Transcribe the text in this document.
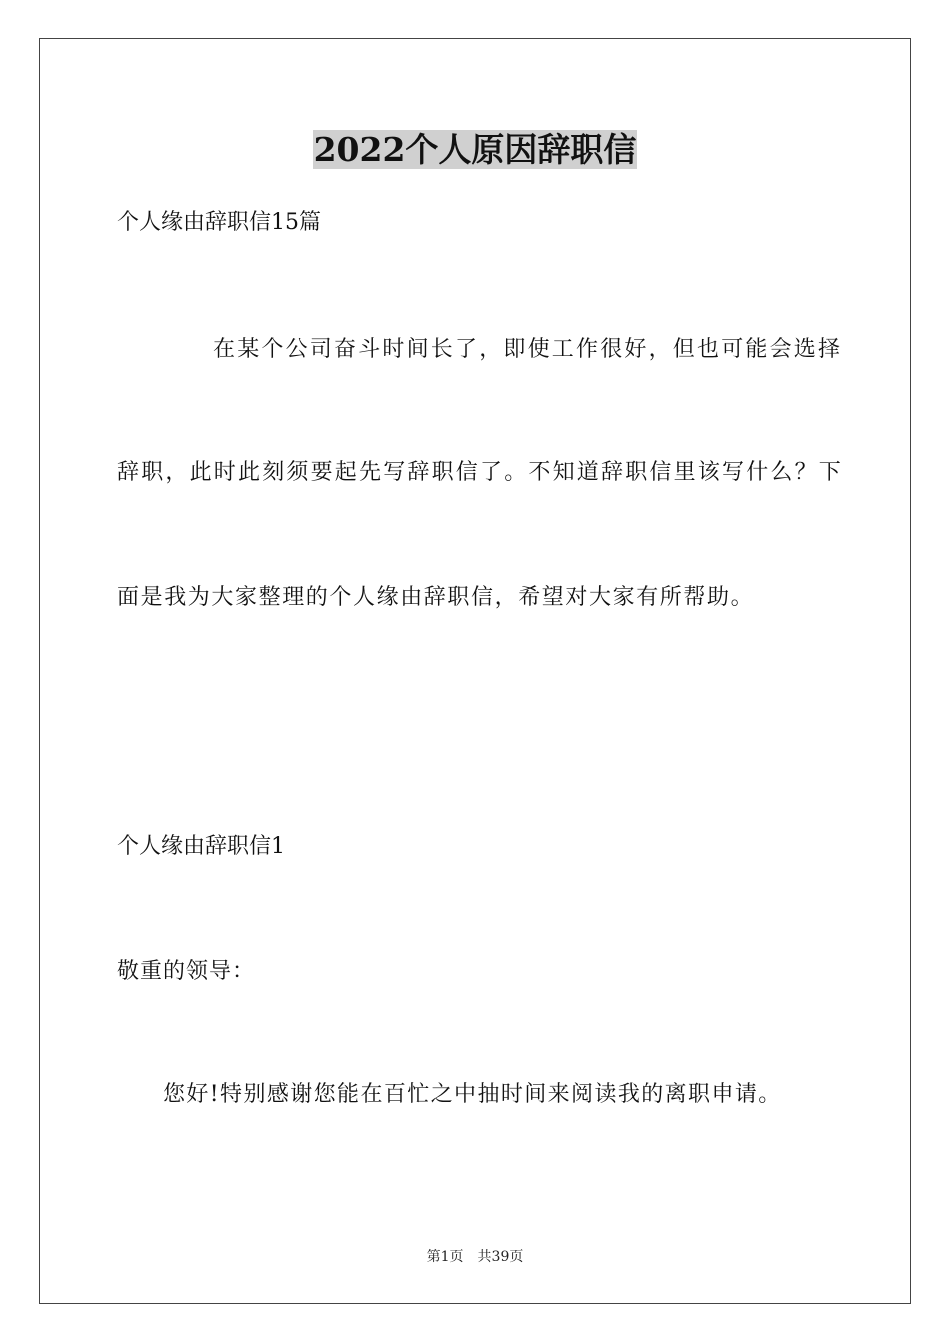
2022个人原因辞职信
个人缘由辞职信15篇
在某个公司奋斗时间长了，即使工作很好，但也可能会选择
辞职，此时此刻须要起先写辞职信了。不知道辞职信里该写什么？下
面是我为大家整理的个人缘由辞职信，希望对大家有所帮助。
个人缘由辞职信1
敬重的领导：
您好!特别感谢您能在百忙之中抽时间来阅读我的离职申请。
第1页 共39页
